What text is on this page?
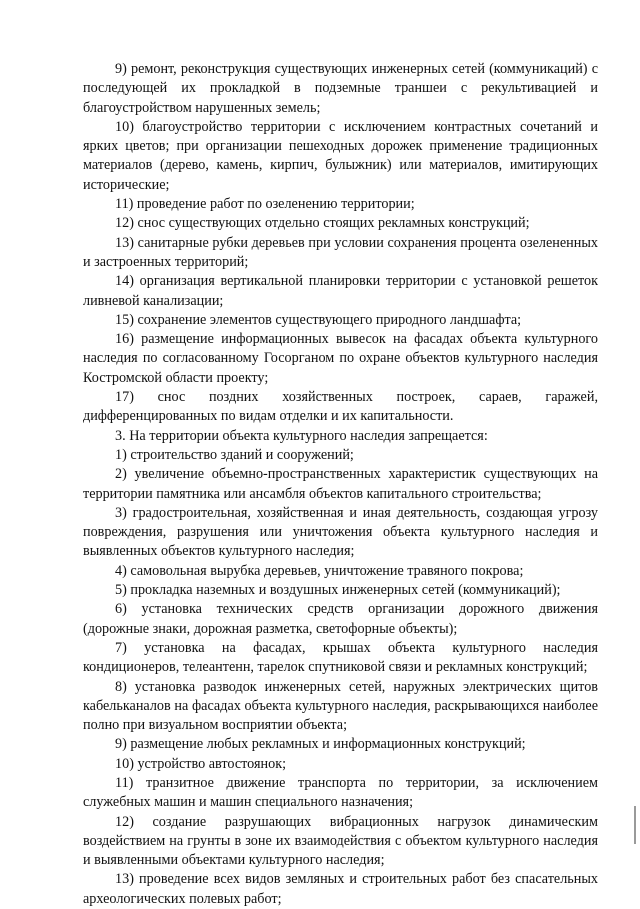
9) ремонт, реконструкция существующих инженерных сетей (коммуникаций) с последующей их прокладкой в подземные траншеи с рекультивацией и благоустройством нарушенных земель;

10) благоустройство территории с исключением контрастных сочетаний и ярких цветов; при организации пешеходных дорожек применение традиционных материалов (дерево, камень, кирпич, булыжник) или материалов, имитирующих исторические;

11) проведение работ по озеленению территории;

12) снос существующих отдельно стоящих рекламных конструкций;

13) санитарные рубки деревьев при условии сохранения процента озелененных и застроенных территорий;

14) организация вертикальной планировки территории с установкой решеток ливневой канализации;

15) сохранение элементов существующего природного ландшафта;

16) размещение информационных вывесок на фасадах объекта культурного наследия по согласованному Госорганом по охране объектов культурного наследия Костромской области проекту;

17) снос поздних хозяйственных построек, сараев, гаражей, дифференцированных по видам отделки и их капитальности.

3. На территории объекта культурного наследия запрещается:

1) строительство зданий и сооружений;

2) увеличение объемно-пространственных характеристик существующих на территории памятника или ансамбля объектов капитального строительства;

3) градостроительная, хозяйственная и иная деятельность, создающая угрозу повреждения, разрушения или уничтожения объекта культурного наследия и выявленных объектов культурного наследия;

4) самовольная вырубка деревьев, уничтожение травяного покрова;

5) прокладка наземных и воздушных инженерных сетей (коммуникаций);

6) установка технических средств организации дорожного движения (дорожные знаки, дорожная разметка, светофорные объекты);

7) установка на фасадах, крышах объекта культурного наследия кондиционеров, телеантенн, тарелок спутниковой связи и рекламных конструкций;

8) установка разводок инженерных сетей, наружных электрических щитов кабельканалов на фасадах объекта культурного наследия, раскрывающихся наиболее полно при визуальном восприятии объекта;

9) размещение любых рекламных и информационных конструкций;

10) устройство автостоянок;

11) транзитное движение транспорта по территории, за исключением служебных машин и машин специального назначения;

12) создание разрушающих вибрационных нагрузок динамическим воздействием на грунты в зоне их взаимодействия с объектом культурного наследия и выявленными объектами культурного наследия;

13) проведение всех видов земляных и строительных работ без спасательных археологических полевых работ;
